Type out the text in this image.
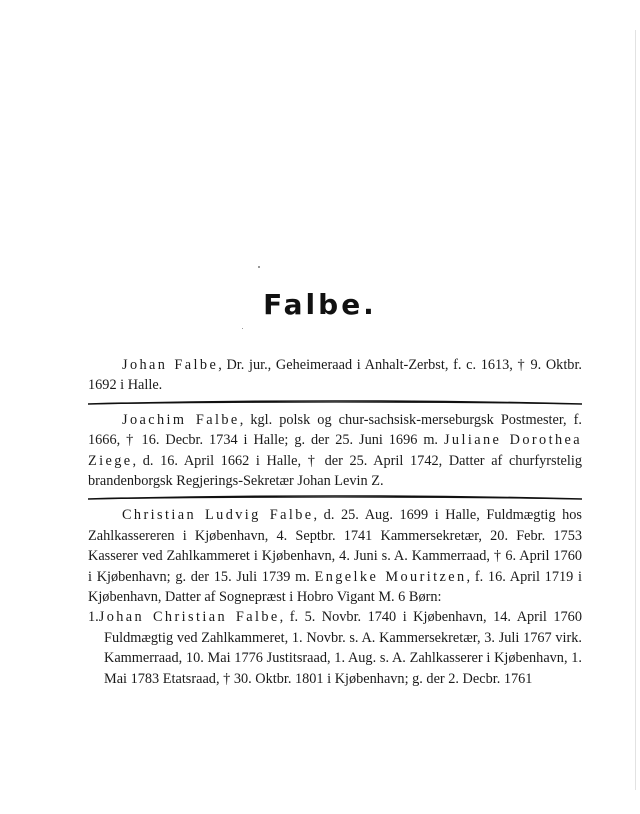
Falbe.

Johan Falbe, Dr. jur., Geheimeraad i Anhalt-Zerbst, f. c. 1613, † 9. Oktbr. 1692 i Halle.

Joachim Falbe, kgl. polsk og chur-sachsisk-merseburgsk Postmester, f. 1666, † 16. Decbr. 1734 i Halle; g. der 25. Juni 1696 m. Juliane Dorothea Ziege, d. 16. April 1662 i Halle, † der 25. April 1742, Datter af churfyrstelig brandenborgsk Regjerings-Sekretær Johan Levin Z.

Christian Ludvig Falbe, d. 25. Aug. 1699 i Halle, Fuldmægtig hos Zahlkassereren i Kjøbenhavn, 4. Septbr. 1741 Kammersekretær, 20. Febr. 1753 Kasserer ved Zahlkammeret i Kjøbenhavn, 4. Juni s. A. Kammerraad, † 6. April 1760 i Kjøbenhavn; g. der 15. Juli 1739 m. Engelke Mouritzen, f. 16. April 1719 i Kjøbenhavn, Datter af Sognepræst i Hobro Vigant M. 6 Børn:

1.Johan Christian Falbe, f. 5. Novbr. 1740 i Kjøbenhavn, 14. April 1760 Fuldmægtig ved Zahlkammeret, 1. Novbr. s. A. Kammersekretær, 3. Juli 1767 virk. Kammerraad, 10. Mai 1776 Justitsraad, 1. Aug. s. A. Zahlkasserer i Kjøbenhavn, 1. Mai 1783 Etatsraad, † 30. Oktbr. 1801 i Kjøbenhavn; g. der 2. Decbr. 1761
